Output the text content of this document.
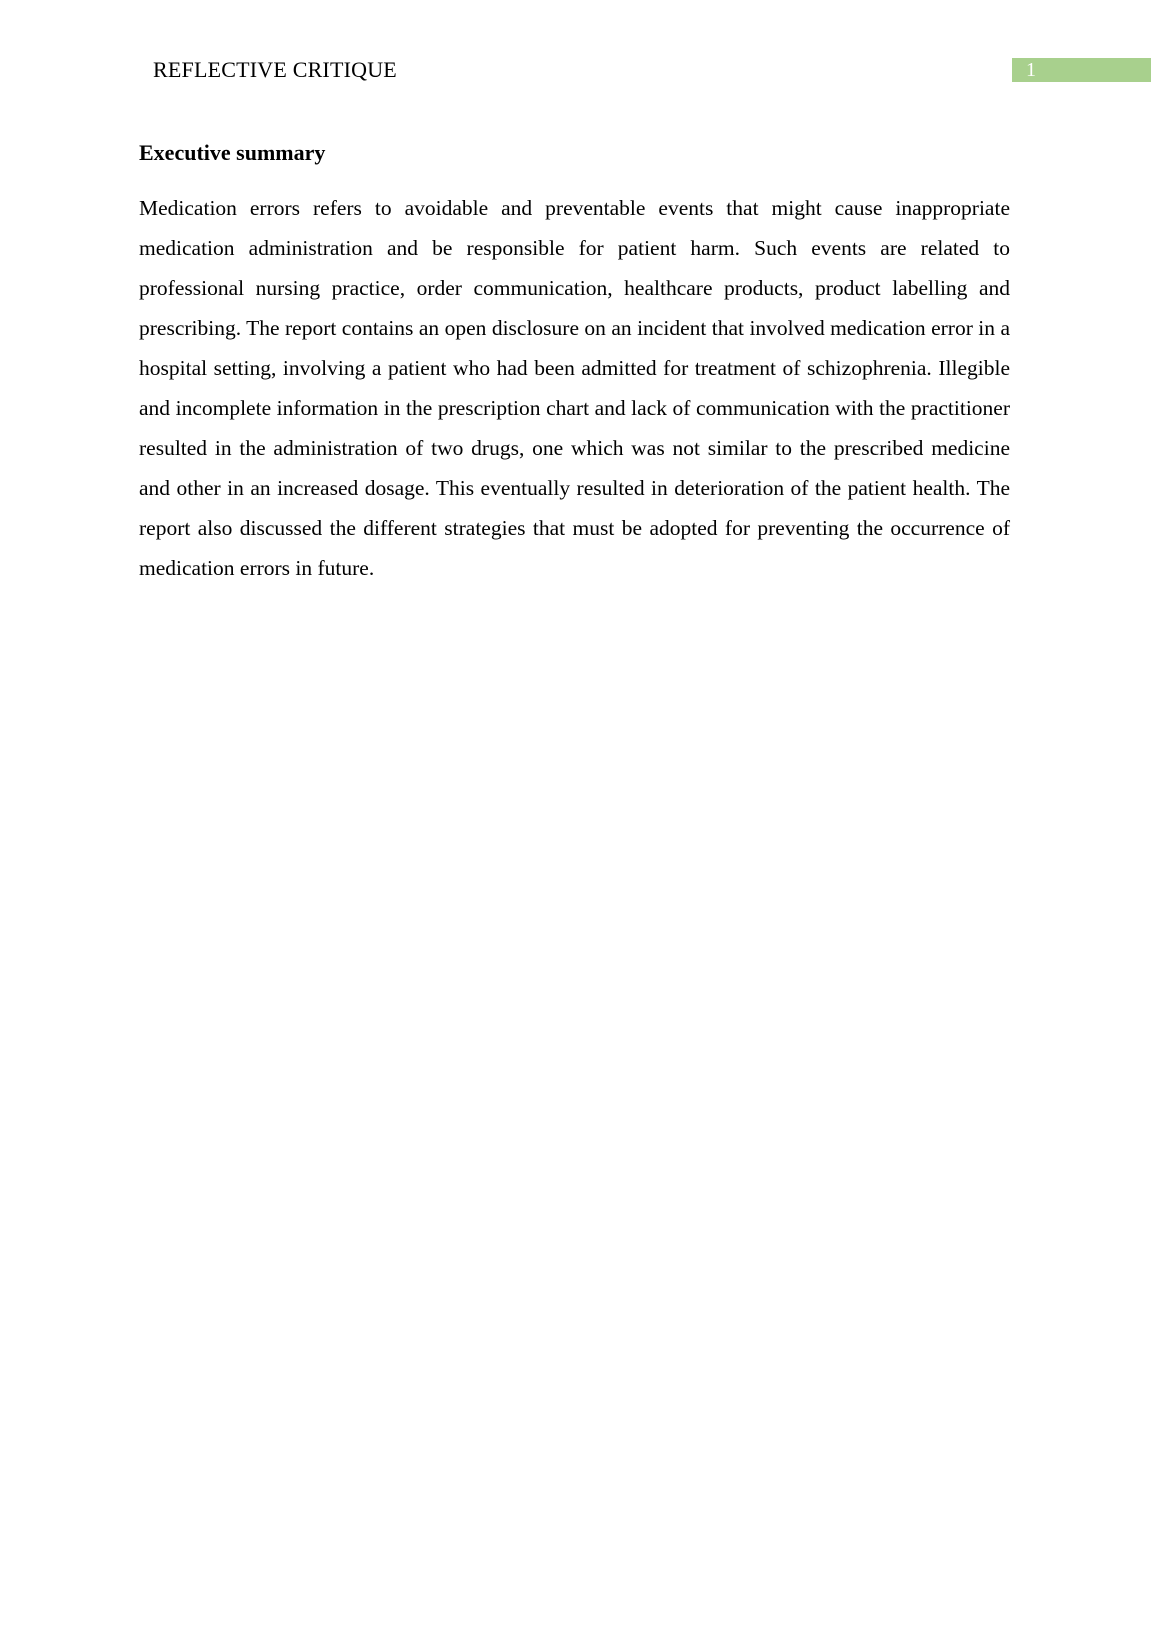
REFLECTIVE CRITIQUE	1
Executive summary

Medication errors refers to avoidable and preventable events that might cause inappropriate medication administration and be responsible for patient harm. Such events are related to professional nursing practice, order communication, healthcare products, product labelling and prescribing. The report contains an open disclosure on an incident that involved medication error in a hospital setting, involving a patient who had been admitted for treatment of schizophrenia. Illegible and incomplete information in the prescription chart and lack of communication with the practitioner resulted in the administration of two drugs, one which was not similar to the prescribed medicine and other in an increased dosage. This eventually resulted in deterioration of the patient health. The report also discussed the different strategies that must be adopted for preventing the occurrence of medication errors in future.
